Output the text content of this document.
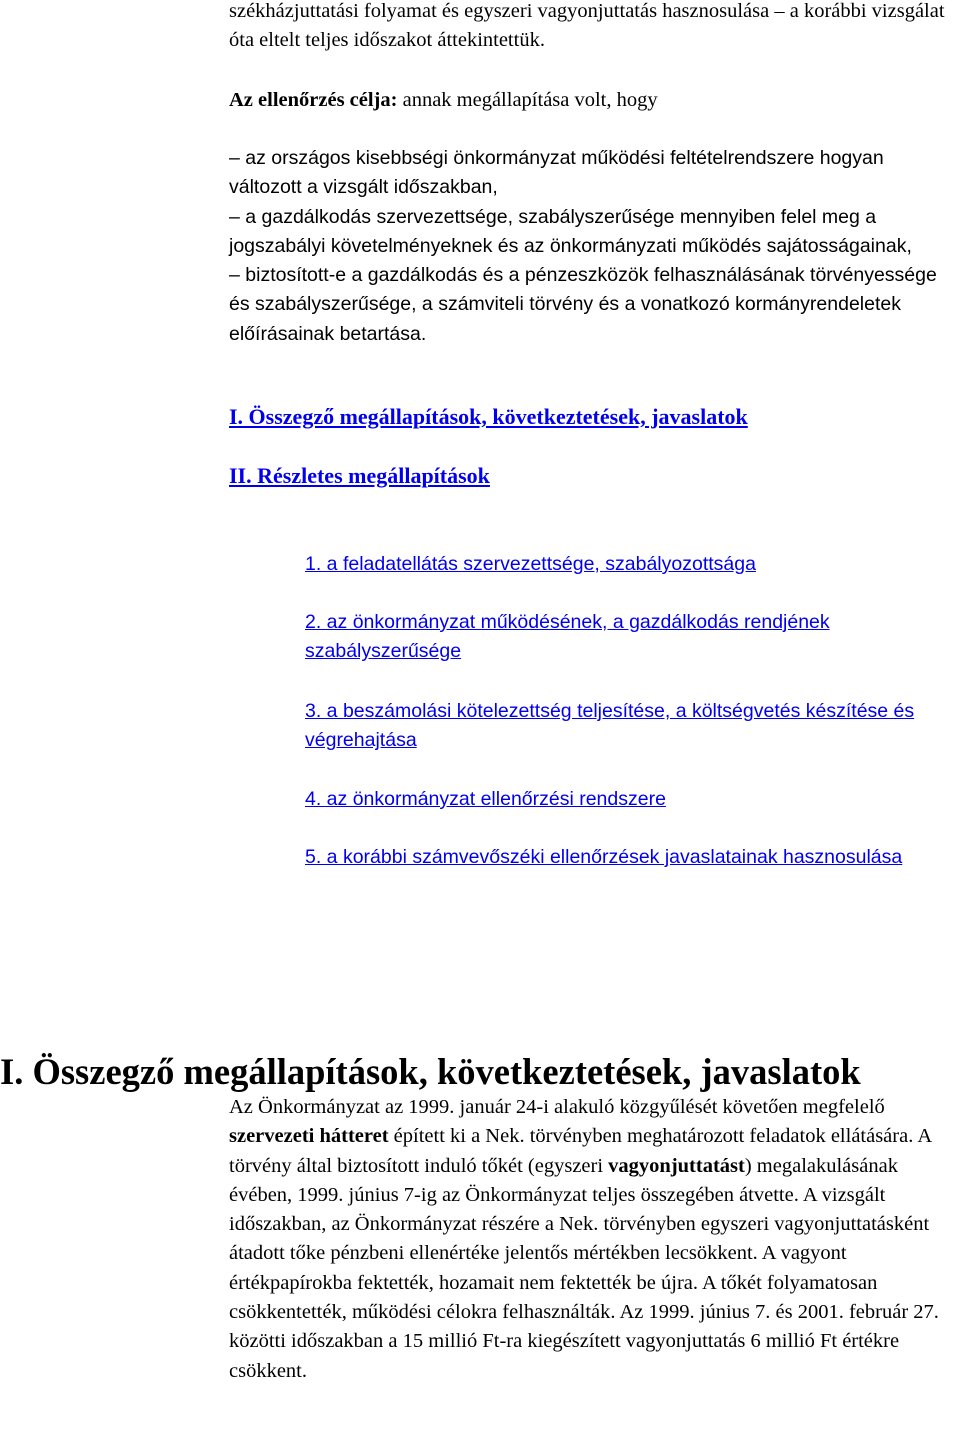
székházjuttatási folyamat és egyszeri vagyonjuttatás hasznosulása – a korábbi vizsgálat óta eltelt teljes időszakot áttekintettük.

Az ellenőrzés célja: annak megállapítása volt, hogy

– az országos kisebbségi önkormányzat működési feltételrendszere hogyan változott a vizsgált időszakban,

– a gazdálkodás szervezettsége, szabályszerűsége mennyiben felel meg a jogszabályi követelményeknek és az önkormányzati működés sajátosságainak,

– biztosított-e a gazdálkodás és a pénzeszközök felhasználásának törvényessége és szabályszerűsége, a számviteli törvény és a vonatkozó kormányrendeletek előírásainak betartása.

I. Összegző megállapítások, következtetések, javaslatok
II. Részletes megállapítások
1. a feladatellátás szervezettsége, szabályozottsága
2. az önkormányzat működésének, a gazdálkodás rendjének szabályszerűsége
3. a beszámolási kötelezettség teljesítése, a költségvetés készítése és végrehajtása
4. az önkormányzat ellenőrzési rendszere
5. a korábbi számvevőszéki ellenőrzések javaslatainak hasznosulása
I. Összegző megállapítások, következtetések, javaslatok

Az Önkormányzat az 1999. január 24-i alakuló közgyűlését követően megfelelő szervezeti hátteret épített ki a Nek. törvényben meghatározott feladatok ellátására. A törvény által biztosított induló tőkét (egyszeri vagyonjuttatást) megalakulásának évében, 1999. június 7-ig az Önkormányzat teljes összegében átvette. A vizsgált időszakban, az Önkormányzat részére a Nek. törvényben egyszeri vagyonjuttatásként átadott tőke pénzbeni ellenértéke jelentős mértékben lecsökkent. A vagyont értékpapírokba fektették, hozamait nem fektették be újra. A tőkét folyamatosan csökkentették, működési célokra felhasználták. Az 1999. június 7. és 2001. február 27. közötti időszakban a 15 millió Ft-ra kiegészített vagyonjuttatás 6 millió Ft értékre csökkent.
